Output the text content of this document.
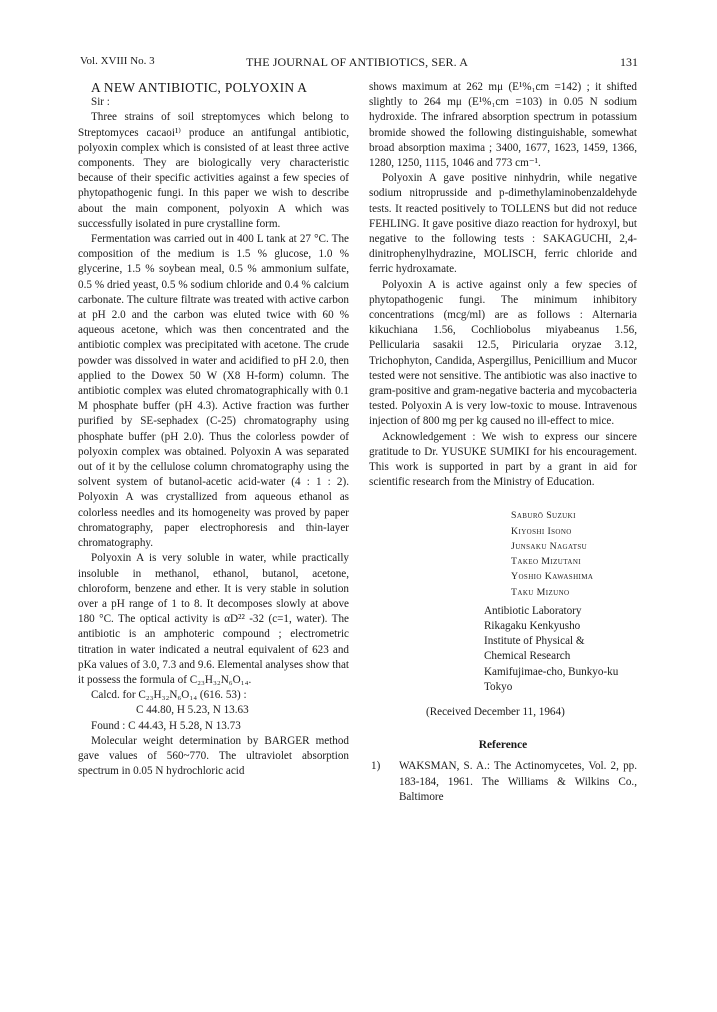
Vol. XVIII No. 3	THE JOURNAL OF ANTIBIOTICS, SER. A	131

A NEW ANTIBIOTIC, POLYOXIN A

Sir :

Three strains of soil streptomyces which belong to Streptomyces cacaoi¹⁾ produce an antifungal antibiotic, polyoxin complex which is consisted of at least three active components. They are biologically very characteristic because of their specific activities against a few species of phytopathogenic fungi. In this paper we wish to describe about the main component, polyoxin A which was successfully isolated in pure crystalline form.

Fermentation was carried out in 400 L tank at 27 °C. The composition of the medium is 1.5 % glucose, 1.0 % glycerine, 1.5 % soybean meal, 0.5 % ammonium sulfate, 0.5 % dried yeast, 0.5 % sodium chloride and 0.4 % calcium carbonate. The culture filtrate was treated with active carbon at pH 2.0 and the carbon was eluted twice with 60 % aqueous acetone, which was then concentrated and the antibiotic complex was precipitated with acetone. The crude powder was dissolved in water and acidified to pH 2.0, then applied to the Dowex 50 W (X8 H-form) column. The antibiotic complex was eluted chromatographically with 0.1 M phosphate buffer (pH 4.3). Active fraction was further purified by SE-sephadex (C-25) chromatography using phosphate buffer (pH 2.0). Thus the colorless powder of polyoxin complex was obtained. Polyoxin A was separated out of it by the cellulose column chromatography using the solvent system of butanol-acetic acid-water (4 : 1 : 2). Polyoxin A was crystallized from aqueous ethanol as colorless needles and its homogeneity was proved by paper chromatography, paper electrophoresis and thin-layer chromatography.

Polyoxin A is very soluble in water, while practically insoluble in methanol, ethanol, butanol, acetone, chloroform, benzene and ether. It is very stable in solution over a pH range of 1 to 8. It decomposes slowly at above 180 °C. The optical activity is αD²² -32 (c=1, water). The antibiotic is an amphoteric compound ; electrometric titration in water indicated a neutral equivalent of 623 and pKa values of 3.0, 7.3 and 9.6. Elemental analyses show that it possess the formula of C₂₃H₃₂N₆O₁₄.

Calcd. for C₂₃H₃₂N₆O₁₄ (616. 53) :

C 44.80, H 5.23, N 13.63

Found : C 44.43, H 5.28, N 13.73

Molecular weight determination by BARGER method gave values of 560~770. The ultraviolet absorption spectrum in 0.05 N hydrochloric acid

shows maximum at 262 mμ (E¹%₁cm =142) ; it shifted slightly to 264 mμ (E¹%₁cm =103) in 0.05 N sodium hydroxide. The infrared absorption spectrum in potassium bromide showed the following distinguishable, somewhat broad absorption maxima ; 3400, 1677, 1623, 1459, 1366, 1280, 1250, 1115, 1046 and 773 cm⁻¹.

Polyoxin A gave positive ninhydrin, while negative sodium nitroprusside and p-dimethylaminobenzaldehyde tests. It reacted positively to TOLLENS but did not reduce FEHLING. It gave positive diazo reaction for hydroxyl, but negative to the following tests : SAKAGUCHI, 2,4-dinitrophenylhydrazine, MOLISCH, ferric chloride and ferric hydroxamate.

Polyoxin A is active against only a few species of phytopathogenic fungi. The minimum inhibitory concentrations (mcg/ml) are as follows : Alternaria kikuchiana 1.56, Cochliobolus miyabeanus 1.56, Pellicularia sasakii 12.5, Piricularia oryzae 3.12, Trichophyton, Candida, Aspergillus, Penicillium and Mucor tested were not sensitive. The antibiotic was also inactive to gram-positive and gram-negative bacteria and mycobacteria tested. Polyoxin A is very low-toxic to mouse. Intravenous injection of 800 mg per kg caused no ill-effect to mice.

Acknowledgement : We wish to express our sincere gratitude to Dr. YUSUKE SUMIKI for his encouragement. This work is supported in part by a grant in aid for scientific research from the Ministry of Education.

Saburō Suzuki
Kiyoshi Isono
Junsaku Nagatsu
Takeo Mizutani
Yoshio Kawashima
Taku Mizuno
Antibiotic Laboratory
Rikagaku Kenkyusho
Institute of Physical &
Chemical Research
Kamifujimae-cho, Bunkyo-ku
Tokyo
(Received December 11, 1964)
Reference
1)	WAKSMAN, S. A.: The Actinomycetes, Vol. 2, pp. 183-184, 1961. The Williams & Wilkins Co., Baltimore
